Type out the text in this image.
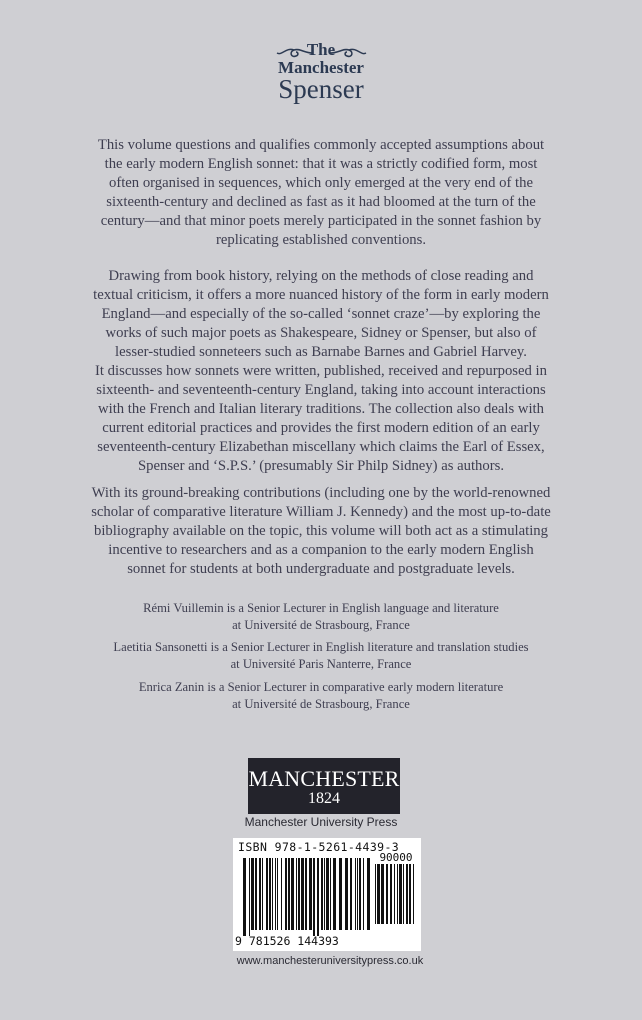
The
Manchester
Spenser

This volume questions and qualifies commonly accepted assumptions about
the early modern English sonnet: that it was a strictly codified form, most
often organised in sequences, which only emerged at the very end of the
sixteenth-century and declined as fast as it had bloomed at the turn of the
century—and that minor poets merely participated in the sonnet fashion by
replicating established conventions.

Drawing from book history, relying on the methods of close reading and
textual criticism, it offers a more nuanced history of the form in early modern
England—and especially of the so-called ‘sonnet craze’—by exploring the
works of such major poets as Shakespeare, Sidney or Spenser, but also of
lesser-studied sonneteers such as Barnabe Barnes and Gabriel Harvey.
It discusses how sonnets were written, published, received and repurposed in
sixteenth- and seventeenth-century England, taking into account interactions
with the French and Italian literary traditions. The collection also deals with
current editorial practices and provides the first modern edition of an early
seventeenth-century Elizabethan miscellany which claims the Earl of Essex,
Spenser and ‘S.P.S.’ (presumably Sir Philp Sidney) as authors.

With its ground-breaking contributions (including one by the world-renowned
scholar of comparative literature William J. Kennedy) and the most up-to-date
bibliography available on the topic, this volume will both act as a stimulating
incentive to researchers and as a companion to the early modern English
sonnet for students at both undergraduate and postgraduate levels.

Rémi Vuillemin is a Senior Lecturer in English language and literature
at Université de Strasbourg, France

Laetitia Sansonetti is a Senior Lecturer in English literature and translation studies
at Université Paris Nanterre, France

Enrica Zanin is a Senior Lecturer in comparative early modern literature
at Université de Strasbourg, France

MANCHESTER
1824
Manchester University Press
ISBN 978-1-5261-4439-3
90000
9 781526 144393
www.manchesteruniversitypress.co.uk
